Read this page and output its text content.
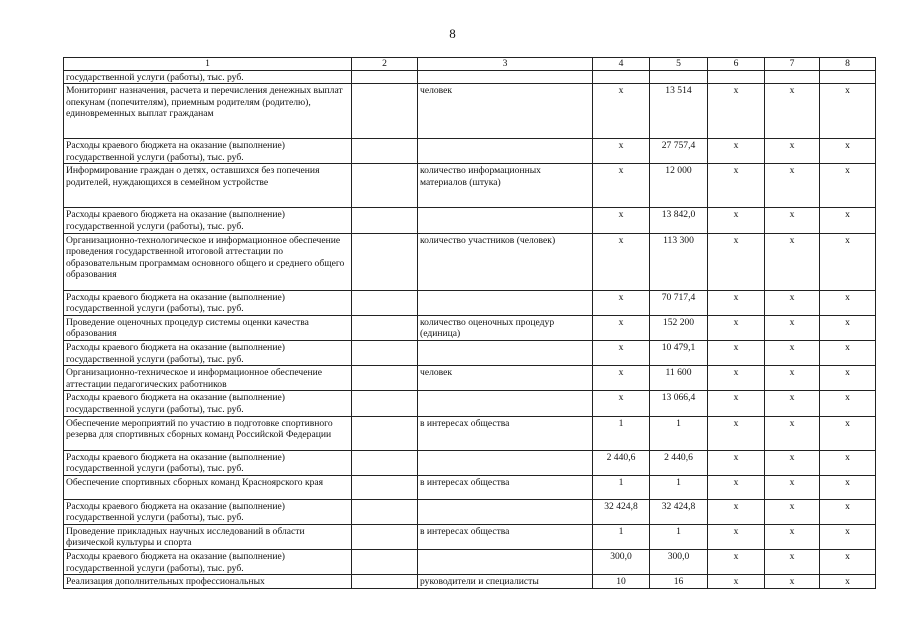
8
1	2	3	4	5	6	7	8
государственной услуги (работы), тыс. руб.							
Мониторинг назначения, расчета и перечисления денежных выплат опекунам (попечителям), приемным родителям (родителю), единовременных выплат гражданам		человек	х	13 514	х	х	х
Расходы краевого бюджета на оказание (выполнение) государственной услуги (работы), тыс. руб.			х	27 757,4	х	х	х
Информирование граждан о детях, оставшихся без попечения родителей, нуждающихся в семейном устройстве		количество информационных материалов (штука)	х	12 000	х	х	х
Расходы краевого бюджета на оказание (выполнение) государственной услуги (работы), тыс. руб.			х	13 842,0	х	х	х
Организационно-технологическое и информационное обеспечение проведения государственной итоговой аттестации по образовательным программам основного общего и среднего общего образования		количество участников (человек)	х	113 300	х	х	х
Расходы краевого бюджета на оказание (выполнение) государственной услуги (работы), тыс. руб.			х	70 717,4	х	х	х
Проведение оценочных процедур системы оценки качества образования		количество оценочных процедур (единица)	х	152 200	х	х	х
Расходы краевого бюджета на оказание (выполнение) государственной услуги (работы), тыс. руб.			х	10 479,1	х	х	х
Организационно-техническое и информационное обеспечение аттестации педагогических работников		человек	х	11 600	х	х	х
Расходы краевого бюджета на оказание (выполнение) государственной услуги (работы), тыс. руб.			х	13 066,4	х	х	х
Обеспечение мероприятий по участию в подготовке спортивного резерва для спортивных сборных команд Российской Федерации		в интересах общества	1	1	х	х	х
Расходы краевого бюджета на оказание (выполнение) государственной услуги (работы), тыс. руб.			2 440,6	2 440,6	х	х	х
Обеспечение спортивных сборных команд Красноярского края		в интересах общества	1	1	х	х	х
Расходы краевого бюджета на оказание (выполнение) государственной услуги (работы), тыс. руб.			32 424,8	32 424,8	х	х	х
Проведение прикладных научных исследований в области физической культуры и спорта		в интересах общества	1	1	х	х	х
Расходы краевого бюджета на оказание (выполнение) государственной услуги (работы), тыс. руб.			300,0	300,0	х	х	х
Реализация дополнительных профессиональных		руководители и специалисты	10	16	х	х	х
